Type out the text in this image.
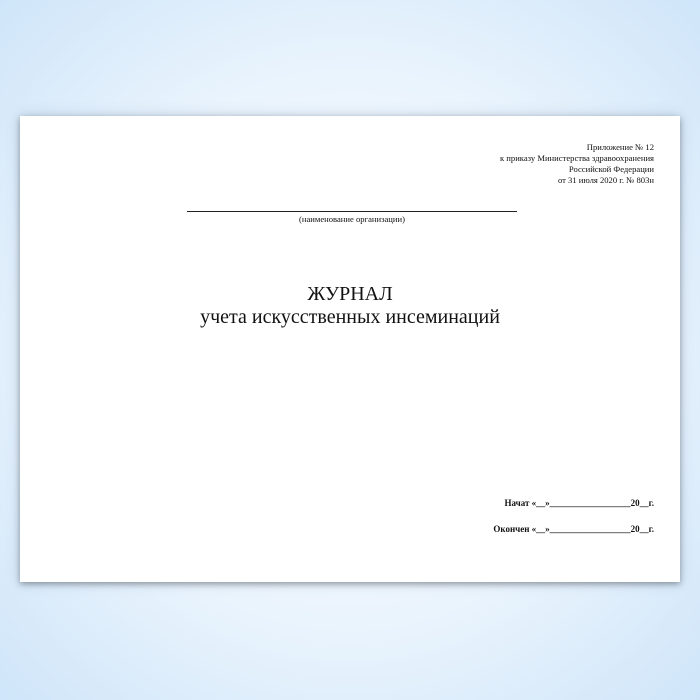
Приложение № 12
к приказу Министерства здравоохранения
Российской Федерации
от 31 июля 2020 г. № 803н
(наименование организации)
ЖУРНАЛ
учета искусственных инсеминаций
Начат «__»__________________20__г.
Окончен «__»__________________20__г.
